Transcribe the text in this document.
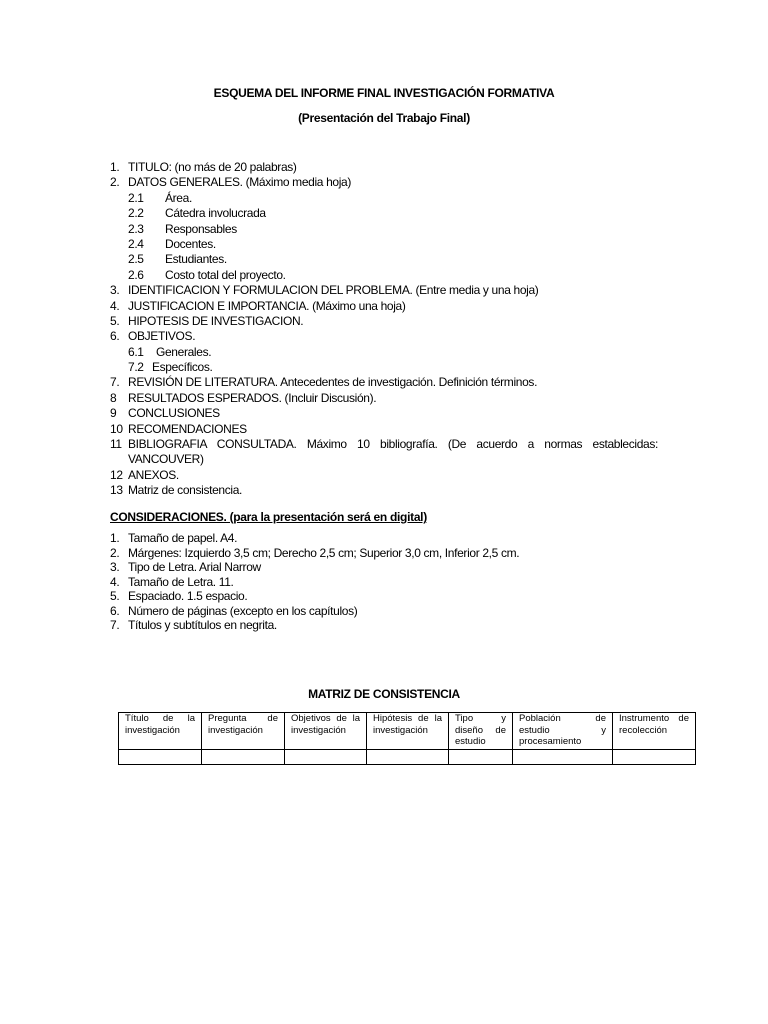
ESQUEMA DEL INFORME FINAL INVESTIGACIÓN FORMATIVA
(Presentación del Trabajo Final)
1. TITULO: (no más de 20 palabras)
2. DATOS GENERALES. (Máximo media hoja)
2.1	Área.
2.2	Cátedra involucrada
2.3	Responsables
2.4	Docentes.
2.5	Estudiantes.
2.6	Costo total del proyecto.
3. IDENTIFICACION Y FORMULACION DEL PROBLEMA. (Entre media y una hoja)
4. JUSTIFICACION E IMPORTANCIA. (Máximo una hoja)
5. HIPOTESIS DE INVESTIGACION.
6. OBJETIVOS.
6.1	Generales.
7.2 Específicos.
7. REVISIÓN DE LITERATURA. Antecedentes de investigación. Definición términos.
8 RESULTADOS ESPERADOS. (Incluir Discusión).
9 CONCLUSIONES
10 RECOMENDACIONES
11 BIBLIOGRAFIA CONSULTADA. Máximo 10 bibliografía. (De acuerdo a normas establecidas: VANCOUVER)
12 ANEXOS.
13 Matriz de consistencia.
CONSIDERACIONES. (para la presentación será en digital)
1. Tamaño de papel. A4.
2. Márgenes: Izquierdo 3,5 cm; Derecho 2,5 cm; Superior 3,0 cm, Inferior 2,5 cm.
3. Tipo de Letra. Arial Narrow
4. Tamaño de Letra. 11.
5. Espaciado. 1.5 espacio.
6. Número de páginas (excepto en los capítulos)
7. Títulos y subtítulos en negrita.
MATRIZ DE CONSISTENCIA
Título de la investigación	Pregunta de investigación	Objetivos de la investigación	Hipótesis de la investigación	Tipo y diseño de estudio	Población de estudio y procesamiento	Instrumento de recolección
